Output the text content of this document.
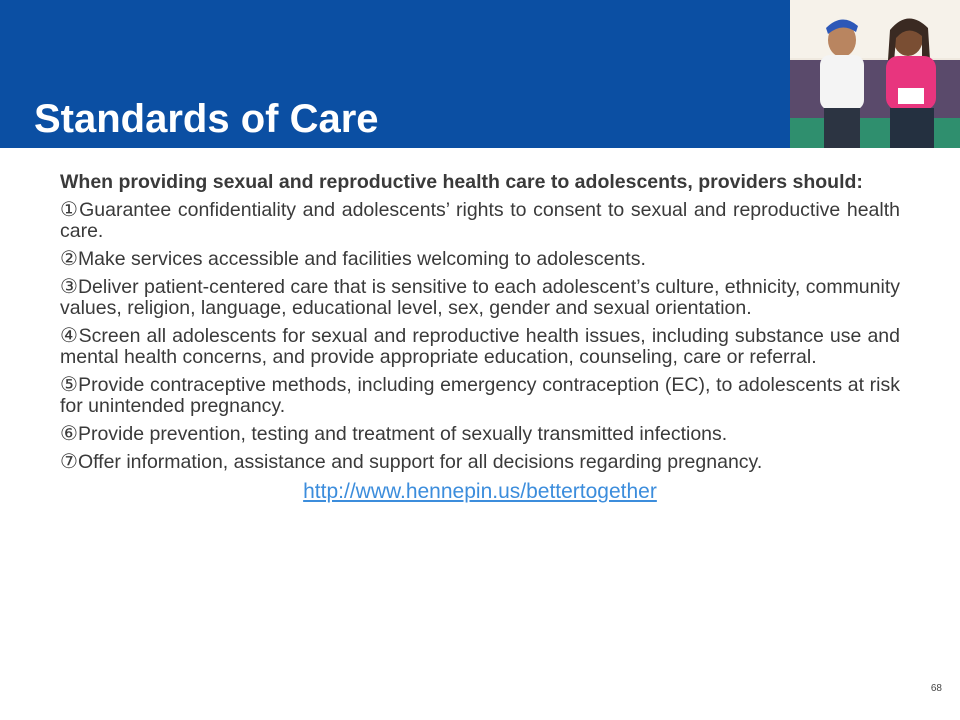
Standards of Care

When providing sexual and reproductive health care to adolescents, providers should:

①Guarantee confidentiality and adolescents’ rights to consent to sexual and reproductive health care.

②Make services accessible and facilities welcoming to adolescents.

③Deliver patient-centered care that is sensitive to each adolescent’s culture, ethnicity, community values, religion, language, educational level, sex, gender and sexual orientation.

④Screen all adolescents for sexual and reproductive health issues, including substance use and mental health concerns, and provide appropriate education, counseling, care or referral.

⑤Provide contraceptive methods, including emergency contraception (EC), to adolescents at risk for unintended pregnancy.

⑥Provide prevention, testing and treatment of sexually transmitted infections.

⑦Offer information, assistance and support for all decisions regarding pregnancy.

http://www.hennepin.us/bettertogether
68
